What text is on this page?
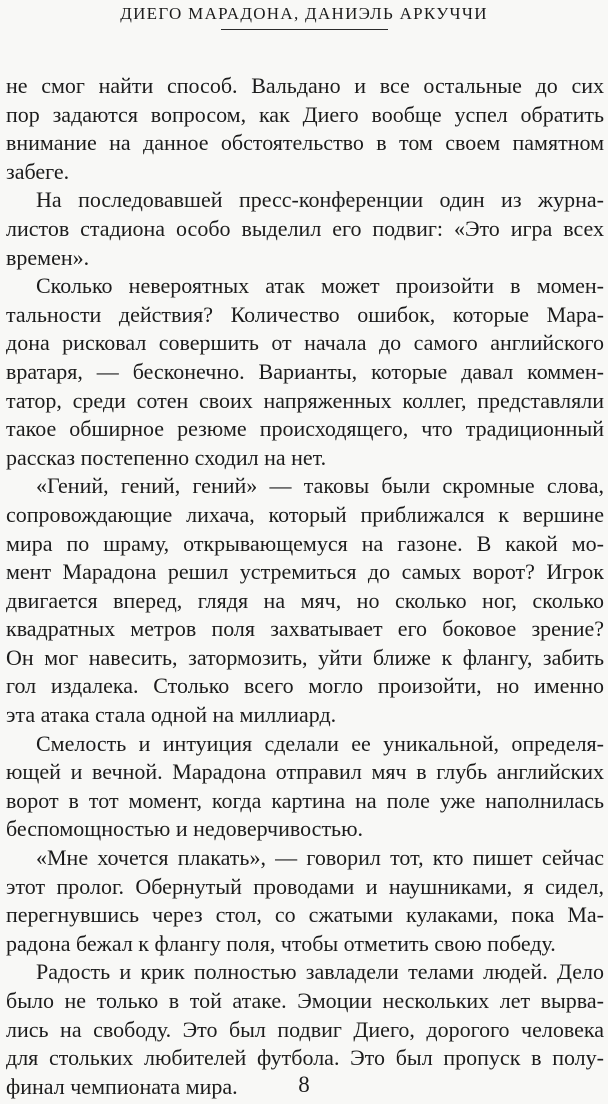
ДИЕГО МАРАДОНА, ДАНИЭЛЬ АРКУЧЧИ

не смог найти способ. Вальдано и все остальные до сих
пор задаются вопросом, как Диего вообще успел обратить
внимание на данное обстоятельство в том своем памятном
забеге.

На последовавшей пресс-конференции один из журна-
листов стадиона особо выделил его подвиг: «Это игра всех
времен».

Сколько невероятных атак может произойти в момен-
тальности действия? Количество ошибок, которые Мара-
дона рисковал совершить от начала до самого английского
вратаря, — бесконечно. Варианты, которые давал коммен-
татор, среди сотен своих напряженных коллег, представляли
такое обширное резюме происходящего, что традиционный
рассказ постепенно сходил на нет.

«Гений, гений, гений» — таковы были скромные слова,
сопровождающие лихача, который приближался к вершине
мира по шраму, открывающемуся на газоне. В какой мо-
мент Марадона решил устремиться до самых ворот? Игрок
двигается вперед, глядя на мяч, но сколько ног, сколько
квадратных метров поля захватывает его боковое зрение?
Он мог навесить, затормозить, уйти ближе к флангу, забить
гол издалека. Столько всего могло произойти, но именно
эта атака стала одной на миллиард.

Смелость и интуиция сделали ее уникальной, определя-
ющей и вечной. Марадона отправил мяч в глубь английских
ворот в тот момент, когда картина на поле уже наполнилась
беспомощностью и недоверчивостью.

«Мне хочется плакать», — говорил тот, кто пишет сейчас
этот пролог. Обернутый проводами и наушниками, я сидел,
перегнувшись через стол, со сжатыми кулаками, пока Ма-
радона бежал к флангу поля, чтобы отметить свою победу.

Радость и крик полностью завладели телами людей. Дело
было не только в той атаке. Эмоции нескольких лет вырва-
лись на свободу. Это был подвиг Диего, дорогого человека
для стольких любителей футбола. Это был пропуск в полу-
финал чемпионата мира.	8
